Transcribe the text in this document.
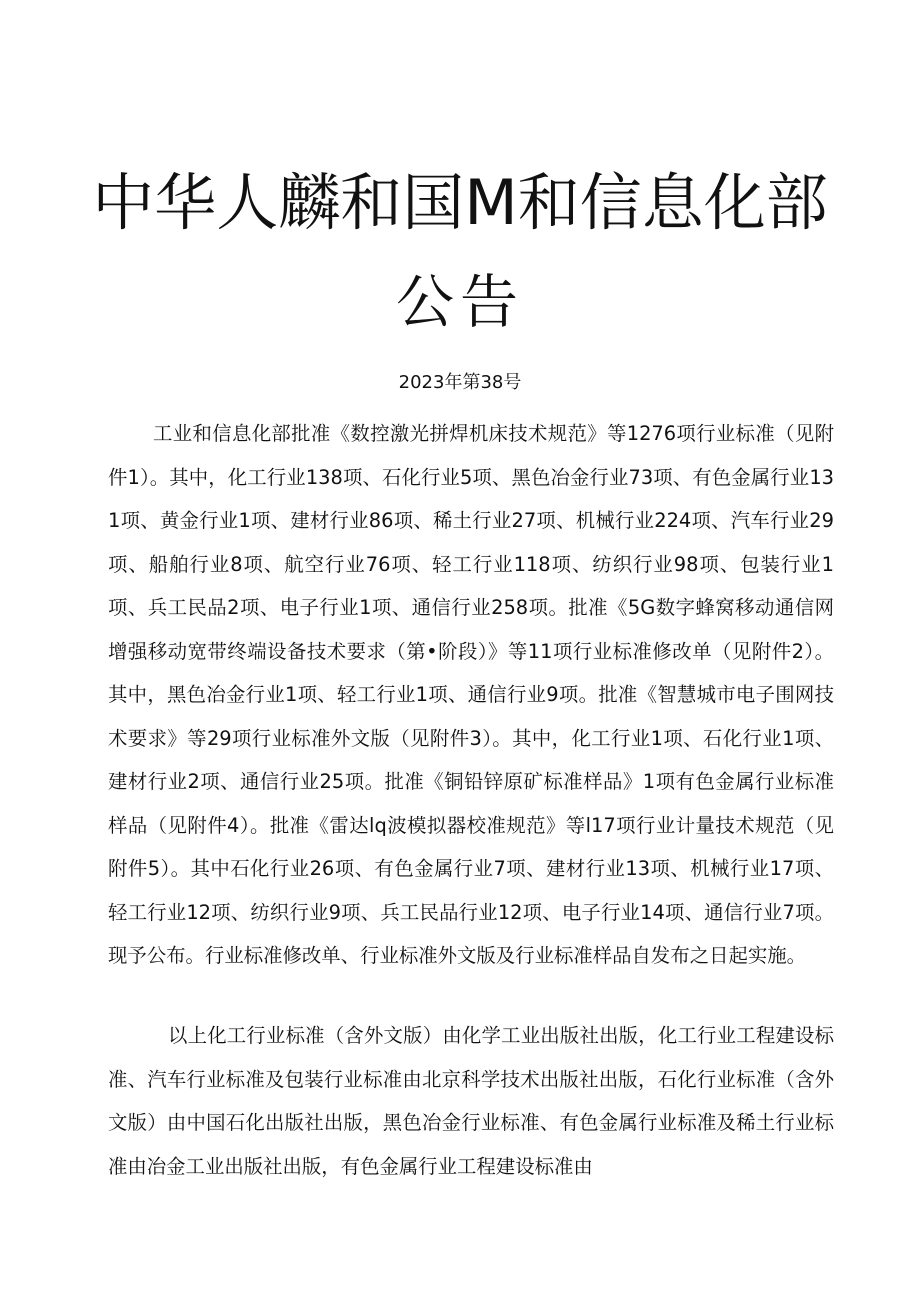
中华人麟和国M和信息化部
公告
2023年第38号

工业和信息化部批准《数控激光拼焊机床技术规范》等1276项行业标准（见附件1）。其中，化工行业138项、石化行业5项、黑色冶金行业73项、有色金属行业131项、黄金行业1项、建材行业86项、稀土行业27项、机械行业224项、汽车行业29项、船舶行业8项、航空行业76项、轻工行业118项、纺织行业98项、包装行业1项、兵工民品2项、电子行业1项、通信行业258项。批准《5G数字蜂窝移动通信网增强移动宽带终端设备技术要求（第•阶段）》等11项行业标准修改单（见附件2）。其中，黑色冶金行业1项、轻工行业1项、通信行业9项。批准《智慧城市电子围网技术要求》等29项行业标准外文版（见附件3）。其中，化工行业1项、石化行业1项、建材行业2项、通信行业25项。批准《铜铅锌原矿标准样品》1项有色金属行业标准样品（见附件4）。批准《雷达lq波模拟器校准规范》等l17项行业计量技术规范（见附件5）。其中石化行业26项、有色金属行业7项、建材行业13项、机械行业17项、轻工行业12项、纺织行业9项、兵工民品行业12项、电子行业14项、通信行业7项。现予公布。行业标准修改单、行业标准外文版及行业标准样品自发布之日起实施。

以上化工行业标准（含外文版）由化学工业出版社出版，化工行业工程建设标准、汽车行业标准及包装行业标准由北京科学技术出版社出版，石化行业标准（含外文版）由中国石化出版社出版，黑色冶金行业标准、有色金属行业标准及稀土行业标准由冶金工业出版社出版，有色金属行业工程建设标准由
